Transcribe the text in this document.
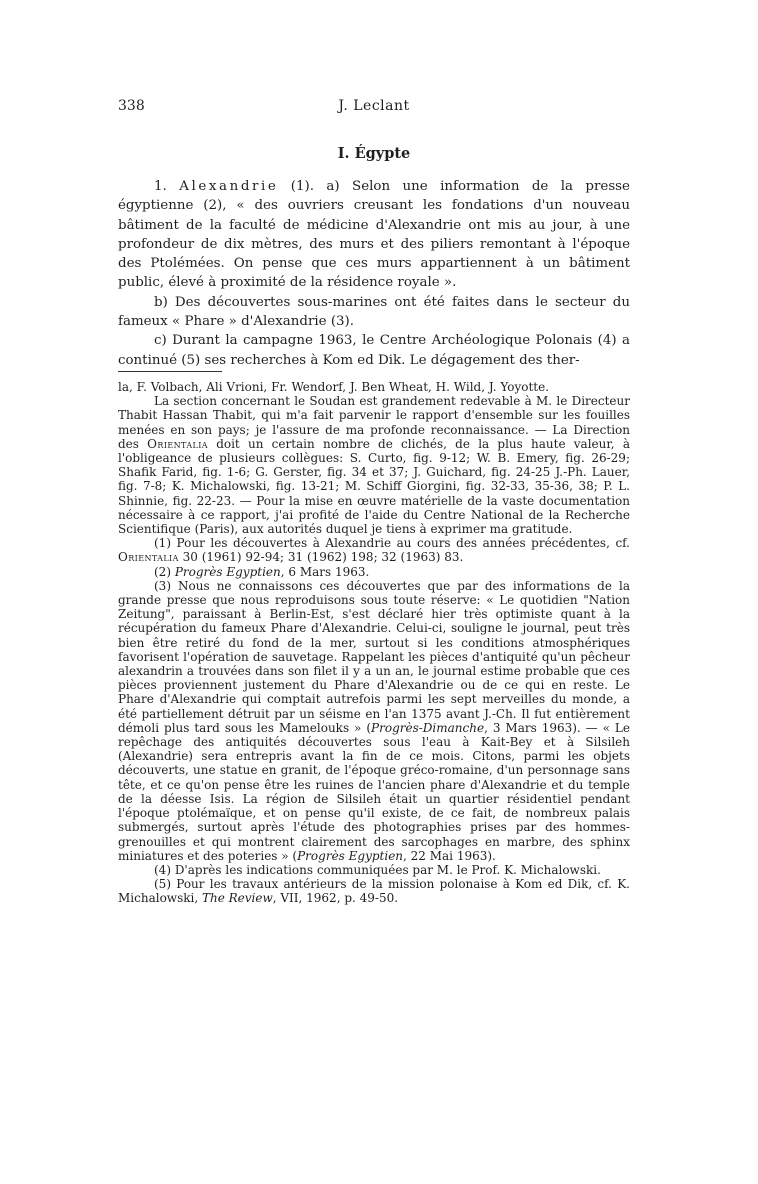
338	J. Leclant
I. Égypte

1. Alexandrie (1). a) Selon une information de la presse égyptienne (2), « des ouvriers creusant les fondations d'un nouveau bâtiment de la faculté de médicine d'Alexandrie ont mis au jour, à une profondeur de dix mètres, des murs et des piliers remontant à l'époque des Ptolémées. On pense que ces murs appartiennent à un bâtiment public, élevé à proximité de la résidence royale ».

b) Des découvertes sous-marines ont été faites dans le secteur du fameux « Phare » d'Alexandrie (3).

c) Durant la campagne 1963, le Centre Archéologique Polonais (4) a continué (5) ses recherches à Kom ed Dik. Le dégagement des ther-

la, F. Volbach, Ali Vrioni, Fr. Wendorf, J. Ben Wheat, H. Wild, J. Yoyotte.

La section concernant le Soudan est grandement redevable à M. le Directeur Thabit Hassan Thabit, qui m'a fait parvenir le rapport d'ensemble sur les fouilles menées en son pays; je l'assure de ma profonde reconnaissance. — La Direction des Orientalia doit un certain nombre de clichés, de la plus haute valeur, à l'obligeance de plusieurs collègues: S. Curto, fig. 9-12; W. B. Emery, fig. 26-29; Shafik Farid, fig. 1-6; G. Gerster, fig. 34 et 37; J. Guichard, fig. 24-25 J.-Ph. Lauer, fig. 7-8; K. Michalowski, fig. 13-21; M. Schiff Giorgini, fig. 32-33, 35-36, 38; P. L. Shinnie, fig. 22-23. — Pour la mise en œuvre matérielle de la vaste documentation nécessaire à ce rapport, j'ai profité de l'aide du Centre National de la Recherche Scientifique (Paris), aux autorités duquel je tiens à exprimer ma gratitude.

(1) Pour les découvertes à Alexandrie au cours des années précédentes, cf. Orientalia 30 (1961) 92-94; 31 (1962) 198; 32 (1963) 83.

(2) Progrès Egyptien, 6 Mars 1963.

(3) Nous ne connaissons ces découvertes que par des informations de la grande presse que nous reproduisons sous toute réserve: « Le quotidien "Nation Zeitung", paraissant à Berlin-Est, s'est déclaré hier très optimiste quant à la récupération du fameux Phare d'Alexandrie. Celui-ci, souligne le journal, peut très bien être retiré du fond de la mer, surtout si les conditions atmosphériques favorisent l'opération de sauvetage. Rappelant les pièces d'antiquité qu'un pêcheur alexandrin a trouvées dans son filet il y a un an, le journal estime probable que ces pièces proviennent justement du Phare d'Alexandrie ou de ce qui en reste. Le Phare d'Alexandrie qui comptait autrefois parmi les sept merveilles du monde, a été partiellement détruit par un séisme en l'an 1375 avant J.-Ch. Il fut entièrement démoli plus tard sous les Mamelouks » (Progrès-Dimanche, 3 Mars 1963). — « Le repêchage des antiquités découvertes sous l'eau à Kait-Bey et à Silsileh (Alexandrie) sera entrepris avant la fin de ce mois. Citons, parmi les objets découverts, une statue en granit, de l'époque gréco-romaine, d'un personnage sans tête, et ce qu'on pense être les ruines de l'ancien phare d'Alexandrie et du temple de la déesse Isis. La région de Silsileh était un quartier résidentiel pendant l'époque ptolémaïque, et on pense qu'il existe, de ce fait, de nombreux palais submergés, surtout après l'étude des photographies prises par des hommes-grenouilles et qui montrent clairement des sarcophages en marbre, des sphinx miniatures et des poteries » (Progrès Egyptien, 22 Mai 1963).

(4) D'après les indications communiquées par M. le Prof. K. Michalowski.

(5) Pour les travaux antérieurs de la mission polonaise à Kom ed Dik, cf. K. Michalowski, The Review, VII, 1962, p. 49-50.
